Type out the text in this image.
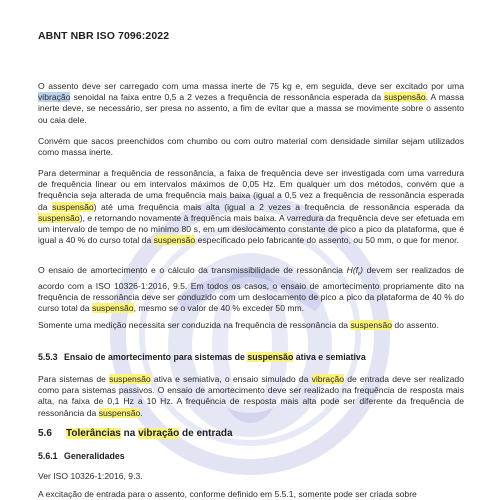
ABNT NBR ISO 7096:2022

O assento deve ser carregado com uma massa inerte de 75 kg e, em seguida, deve ser excitado por uma vibração senoidal na faixa entre 0,5 a 2 vezes a frequência de ressonância esperada da suspensão. A massa inerte deve, se necessário, ser presa no assento, a fim de evitar que a massa se movimente sobre o assento ou caia dele.

Convém que sacos preenchidos com chumbo ou com outro material com densidade similar sejam utilizados como massa inerte.

Para determinar a frequência de ressonância, a faixa de frequência deve ser investigada com uma varredura de frequência linear ou em intervalos máximos de 0,05 Hz. Em qualquer um dos métodos, convém que a frequência seja alterada de uma frequência mais baixa (igual a 0,5 vez a frequência de ressonância esperada da suspensão) até uma frequência mais alta (igual a 2 vezes a frequência de ressonância esperada da suspensão), e retornando novamente à frequência mais baixa. A varredura da frequência deve ser efetuada em um intervalo de tempo de no mínimo 80 s, em um deslocamento constante de pico a pico da plataforma, que é igual a 40 % do curso total da suspensão especificado pelo fabricante do assento, ou 50 mm, o que for menor.

O ensaio de amortecimento e o cálculo da transmissibilidade de ressonância $H(f_r)$ devem ser realizados de acordo com a ISO 10326-1:2016, 9.5. Em todos os casos, o ensaio de amortecimento propriamente dito na frequência de ressonância deve ser conduzido com um deslocamento de pico a pico da plataforma de 40 % do curso total da suspensão, mesmo se o valor de 40 % exceder 50 mm.

Somente uma medição necessita ser conduzida na frequência de ressonância da suspensão do assento.

5.5.3 Ensaio de amortecimento para sistemas de suspensão ativa e semiativa

Para sistemas de suspensão ativa e semiativa, o ensaio simulado da vibração de entrada deve ser realizado como para sistemas passivos. O ensaio de amortecimento deve ser realizado na frequência de resposta mais alta, na faixa de 0,1 Hz a 10 Hz. A frequência de resposta mais alta pode ser diferente da frequência de ressonância da suspensão.

5.6 Tolerâncias na vibração de entrada
5.6.1 Generalidades
Ver ISO 10326-1:2016, 9.3.
A excitação de entrada para o assento, conforme definido em 5.5.1, somente pode ser criada sobre
